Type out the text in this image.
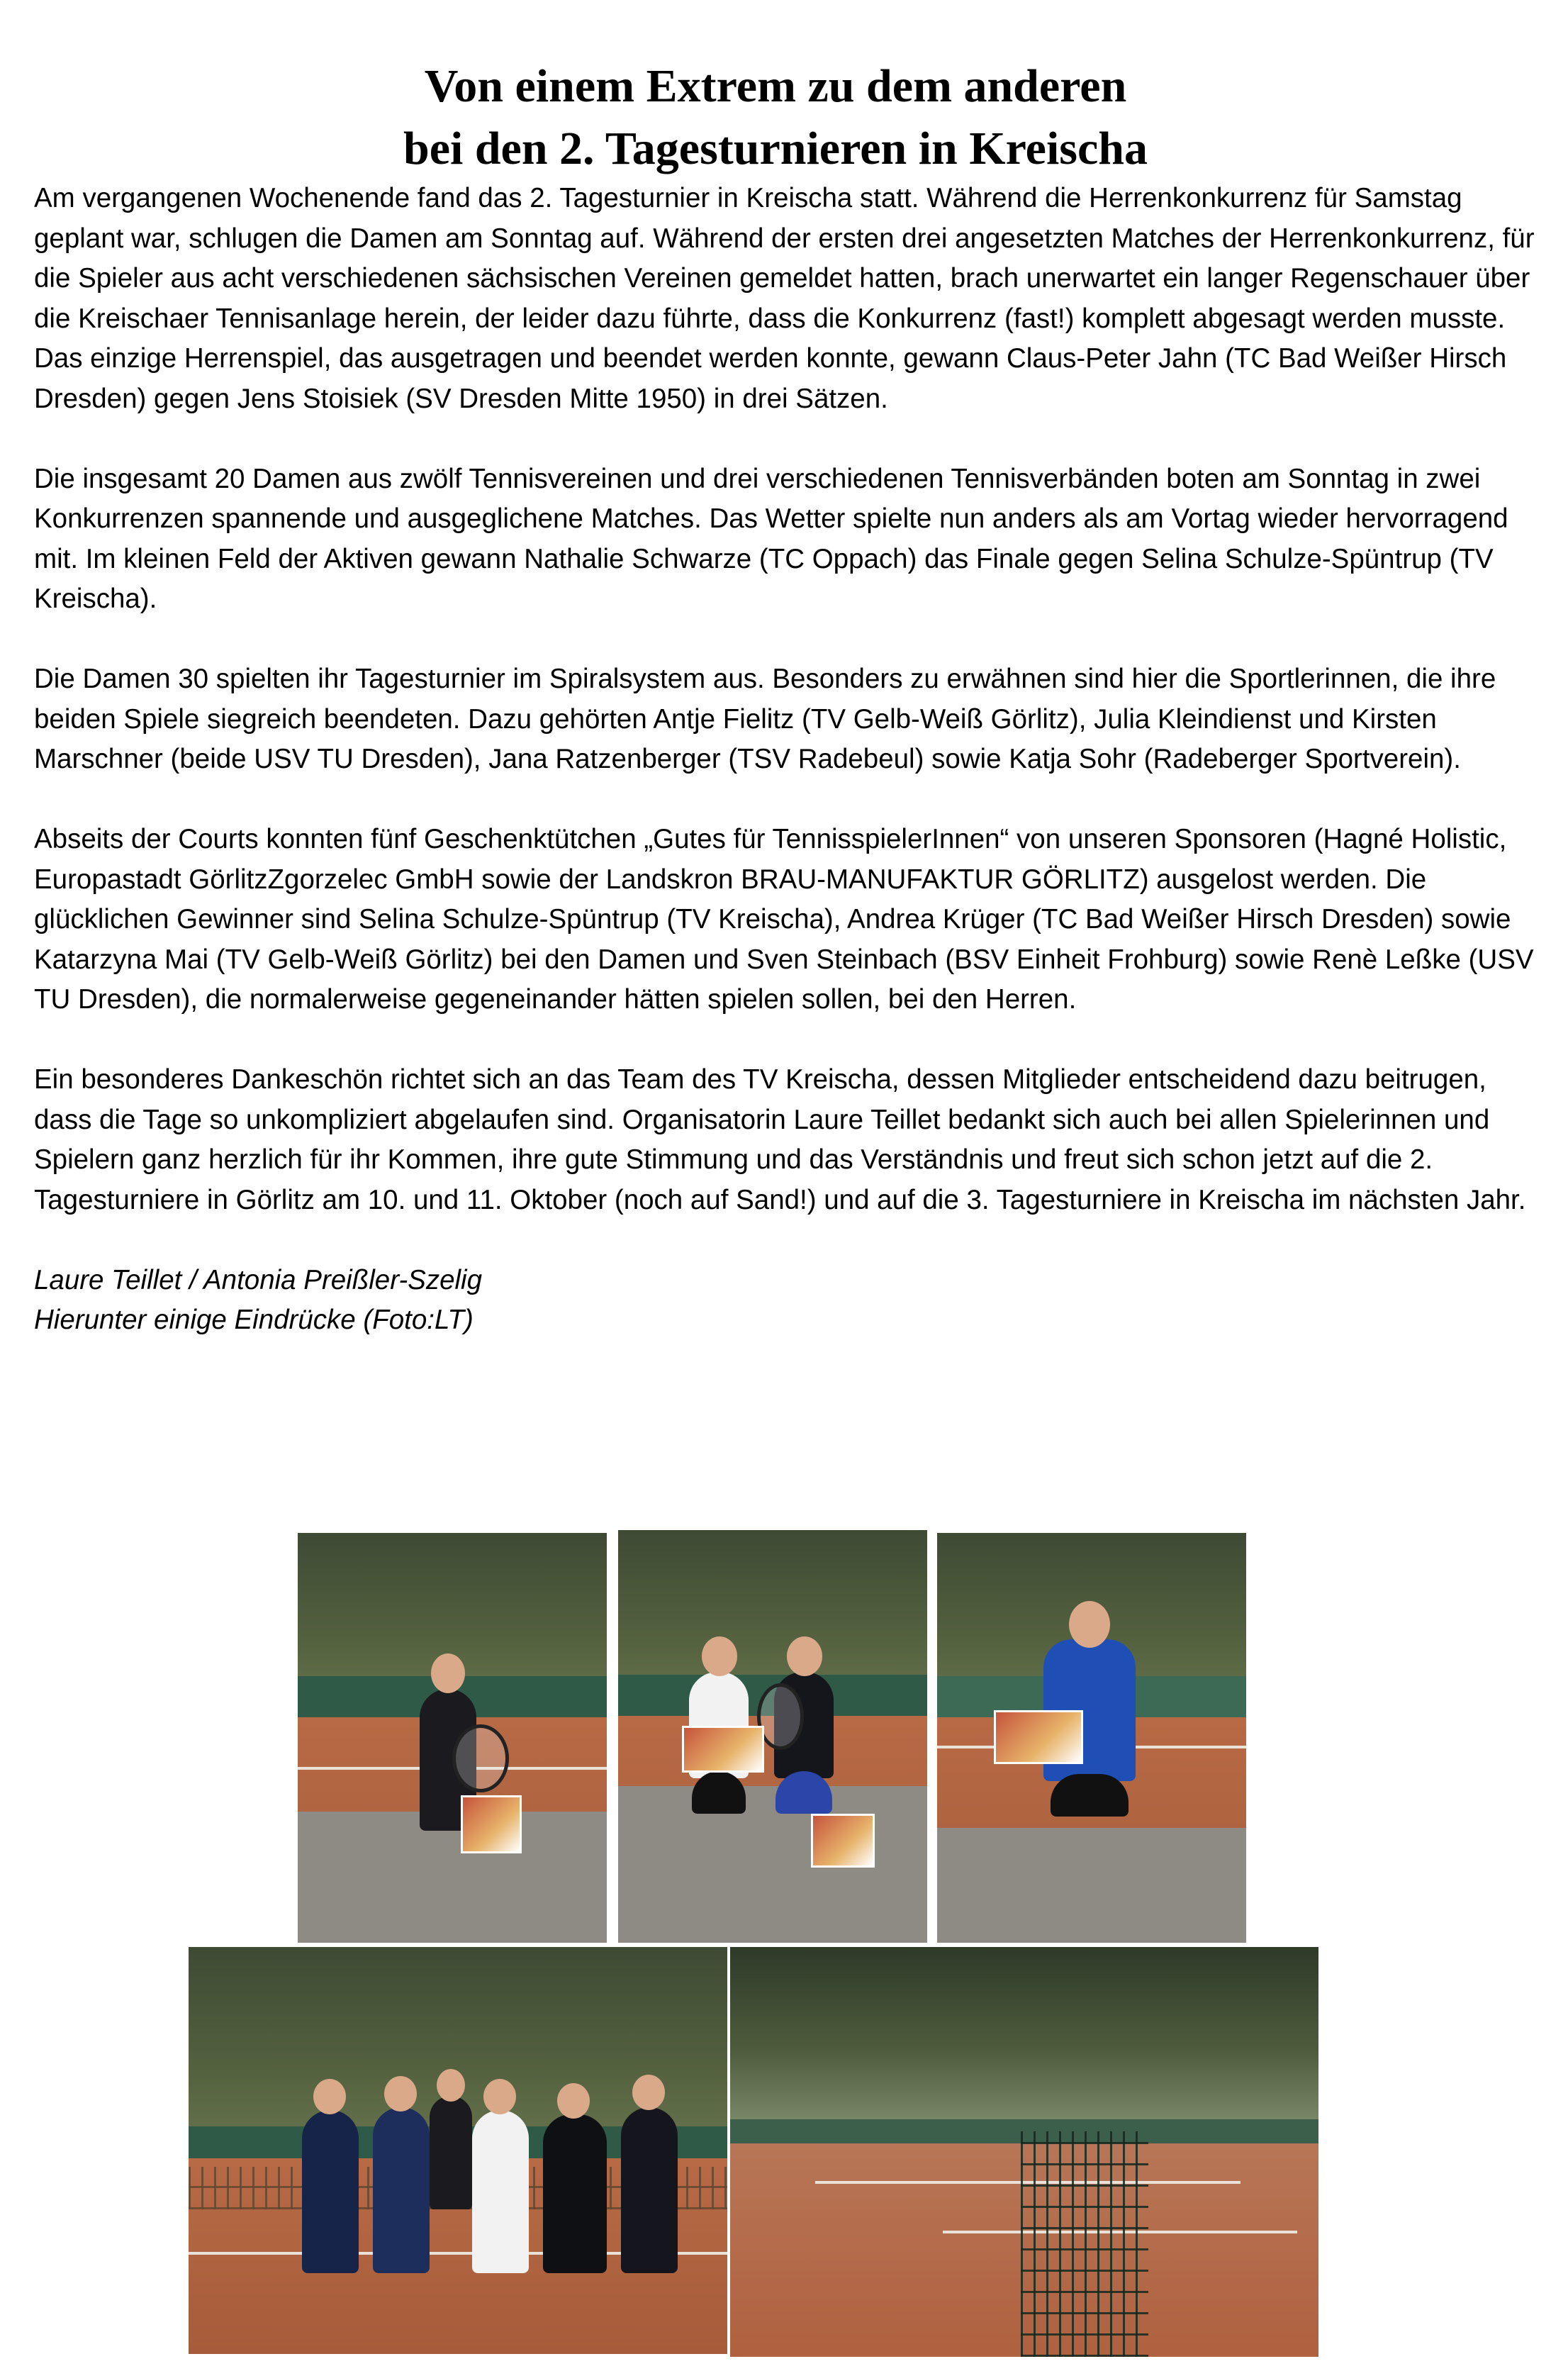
Von einem Extrem zu dem anderen
bei den 2. Tagesturnieren in Kreischa

Am vergangenen Wochenende fand das 2. Tagesturnier in Kreischa statt. Während die Herrenkonkurrenz für Samstag geplant war, schlugen die Damen am Sonntag auf. Während der ersten drei angesetzten Matches der Herrenkonkurrenz, für die Spieler aus acht verschiedenen sächsischen Vereinen gemeldet hatten, brach unerwartet ein langer Regenschauer über die Kreischaer Tennisanlage herein, der leider dazu führte, dass die Konkurrenz (fast!) komplett abgesagt werden musste. Das einzige Herrenspiel, das ausgetragen und beendet werden konnte, gewann Claus-Peter Jahn (TC Bad Weißer Hirsch Dresden) gegen Jens Stoisiek (SV Dresden Mitte 1950) in drei Sätzen.

Die insgesamt 20 Damen aus zwölf Tennisvereinen und drei verschiedenen Tennisverbänden boten am Sonntag in zwei Konkurrenzen spannende und ausgeglichene Matches. Das Wetter spielte nun anders als am Vortag wieder hervorragend mit. Im kleinen Feld der Aktiven gewann Nathalie Schwarze (TC Oppach) das Finale gegen Selina Schulze-Spüntrup (TV Kreischa).

Die Damen 30 spielten ihr Tagesturnier im Spiralsystem aus. Besonders zu erwähnen sind hier die Sportlerinnen, die ihre beiden Spiele siegreich beendeten. Dazu gehörten Antje Fielitz (TV Gelb-Weiß Görlitz), Julia Kleindienst und Kirsten Marschner (beide USV TU Dresden), Jana Ratzenberger (TSV Radebeul) sowie Katja Sohr (Radeberger Sportverein).

Abseits der Courts konnten fünf Geschenktütchen „Gutes für TennisspielerInnen“ von unseren Sponsoren (Hagné Holistic, Europastadt GörlitzZgorzelec GmbH sowie der Landskron BRAU-MANUFAKTUR GÖRLITZ) ausgelost werden. Die glücklichen Gewinner sind Selina Schulze-Spüntrup (TV Kreischa), Andrea Krüger (TC Bad Weißer Hirsch Dresden) sowie Katarzyna Mai (TV Gelb-Weiß Görlitz) bei den Damen und Sven Steinbach (BSV Einheit Frohburg) sowie Renè Leßke (USV TU Dresden), die normalerweise gegeneinander hätten spielen sollen, bei den Herren.

Ein besonderes Dankeschön richtet sich an das Team des TV Kreischa, dessen Mitglieder entscheidend dazu beitrugen, dass die Tage so unkompliziert abgelaufen sind. Organisatorin Laure Teillet bedankt sich auch bei allen Spielerinnen und Spielern ganz herzlich für ihr Kommen, ihre gute Stimmung und das Verständnis und freut sich schon jetzt auf die 2. Tagesturniere in Görlitz am 10. und 11. Oktober (noch auf Sand!) und auf die 3. Tagesturniere in Kreischa im nächsten Jahr.

Laure Teillet / Antonia Preißler-Szelig
Hierunter einige Eindrücke (Foto:LT)
